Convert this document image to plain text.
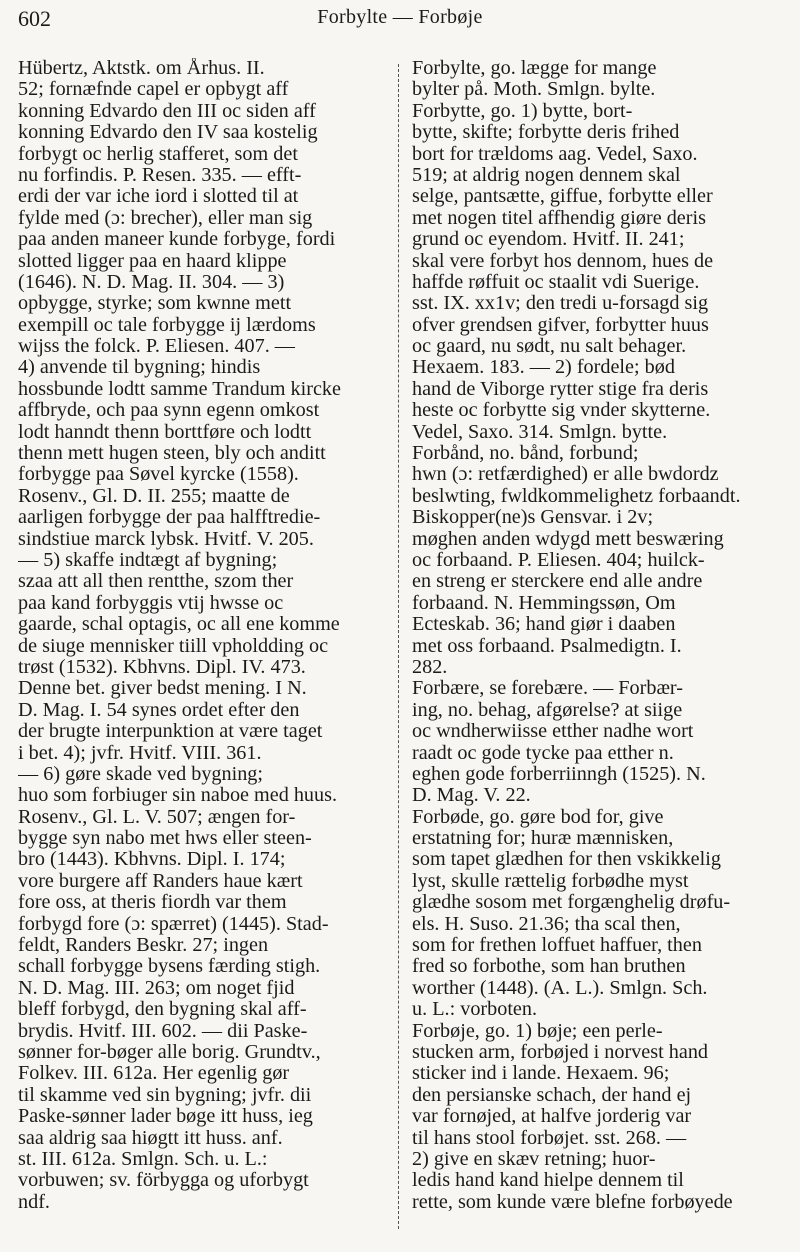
602	Forbylte — Forbøje
Hübertz, Aktstk. om Århus. II.
52; fornæfnde capel er opbygt aff
konning Edvardo den III oc siden aff
konning Edvardo den IV saa kostelig
forbygt oc herlig stafferet, som det
nu forfindis. P. Resen. 335. — efft-
erdi der var iche iord i slotted til at
fylde med (ɔ: brecher), eller man sig
paa anden maneer kunde forbyge, fordi
slotted ligger paa en haard klippe
(1646). N. D. Mag. II. 304. — 3)
opbygge, styrke; som kwnne mett
exempill oc tale forbygge ij lærdoms
wijss the folck. P. Eliesen. 407. —
4) anvende til bygning; hindis
hossbunde lodtt samme Trandum kircke
affbryde, och paa synn egenn omkost
lodt hanndt thenn borttføre och lodtt
thenn mett hugen steen, bly och anditt
forbygge paa Søvel kyrcke (1558).
Rosenv., Gl. D. II. 255; maatte de
aarligen forbygge der paa halfftredie-
sindstiue marck lybsk. Hvitf. V. 205.
— 5) skaffe indtægt af bygning;
szaa att all then rentthe, szom ther
paa kand forbyggis vtij hwsse oc
gaarde, schal optagis, oc all ene komme
de siuge mennisker tiill vpholdding oc
trøst (1532). Kbhvns. Dipl. IV. 473.
Denne bet. giver bedst mening. I N.
D. Mag. I. 54 synes ordet efter den
der brugte interpunktion at være taget
i bet. 4); jvfr. Hvitf. VIII. 361.
— 6) gøre skade ved bygning;
huo som forbiuger sin naboe med huus.
Rosenv., Gl. L. V. 507; ængen for-
bygge syn nabo met hws eller steen-
bro (1443). Kbhvns. Dipl. I. 174;
vore burgere aff Randers haue kært
fore oss, at theris fiordh var them
forbygd fore (ɔ: spærret) (1445). Stad-
feldt, Randers Beskr. 27; ingen
schall forbygge bysens færding stigh.
N. D. Mag. III. 263; om noget fjid
bleff forbygd, den bygning skal aff-
brydis. Hvitf. III. 602. — dii Paske-
sønner for-bøger alle borig. Grundtv.,
Folkev. III. 612a. Her egenlig gør
til skamme ved sin bygning; jvfr. dii
Paske-sønner lader bøge itt huss, ieg
saa aldrig saa hiøgtt itt huss. anf.
st. III. 612a. Smlgn. Sch. u. L.:
vorbuwen; sv. förbygga og uforbygt
ndf.
Forbylte, go. lægge for mange
bylter på. Moth. Smlgn. bylte.
Forbytte, go. 1) bytte, bort-
bytte, skifte; forbytte deris frihed
bort for trældoms aag. Vedel, Saxo.
519; at aldrig nogen dennem skal
selge, pantsætte, giffue, forbytte eller
met nogen titel affhendig giøre deris
grund oc eyendom. Hvitf. II. 241;
skal vere forbyt hos dennom, hues de
haffde røffuit oc staalit vdi Suerige.
sst. IX. xx1v; den tredi u-forsagd sig
ofver grendsen gifver, forbytter huus
oc gaard, nu sødt, nu salt behager.
Hexaem. 183. — 2) fordele; bød
hand de Viborge rytter stige fra deris
heste oc forbytte sig vnder skytterne.
Vedel, Saxo. 314. Smlgn. bytte.
Forbånd, no. bånd, forbund;
hwn (ɔ: retfærdighed) er alle bwdordz
beslwting, fwldkommelighetz forbaandt.
Biskopper(ne)s Gensvar. i 2v;
møghen anden wdygd mett beswæring
oc forbaand. P. Eliesen. 404; huilck-
en streng er sterckere end alle andre
forbaand. N. Hemmingssøn, Om
Ecteskab. 36; hand giør i daaben
met oss forbaand. Psalmedigtn. I.
282.
Forbære, se forebære. — Forbær-
ing, no. behag, afgørelse? at siige
oc wndherwiisse etther nadhe wort
raadt oc gode tycke paa etther n.
eghen gode forberriinngh (1525). N.
D. Mag. V. 22.
Forbøde, go. gøre bod for, give
erstatning for; huræ mænnisken,
som tapet glædhen for then vskikkelig
lyst, skulle rættelig forbødhe myst
glædhe sosom met forgænghelig drøfu-
els. H. Suso. 21.36; tha scal then,
som for frethen loffuet haffuer, then
fred so forbothe, som han bruthen
worther (1448). (A. L.). Smlgn. Sch.
u. L.: vorboten.
Forbøje, go. 1) bøje; een perle-
stucken arm, forbøjed i norvest hand
sticker ind i lande. Hexaem. 96;
den persianske schach, der hand ej
var fornøjed, at halfve jorderig var
til hans stool forbøjet. sst. 268. —
2) give en skæv retning; huor-
ledis hand kand hielpe dennem til
rette, som kunde være blefne forbøyede
